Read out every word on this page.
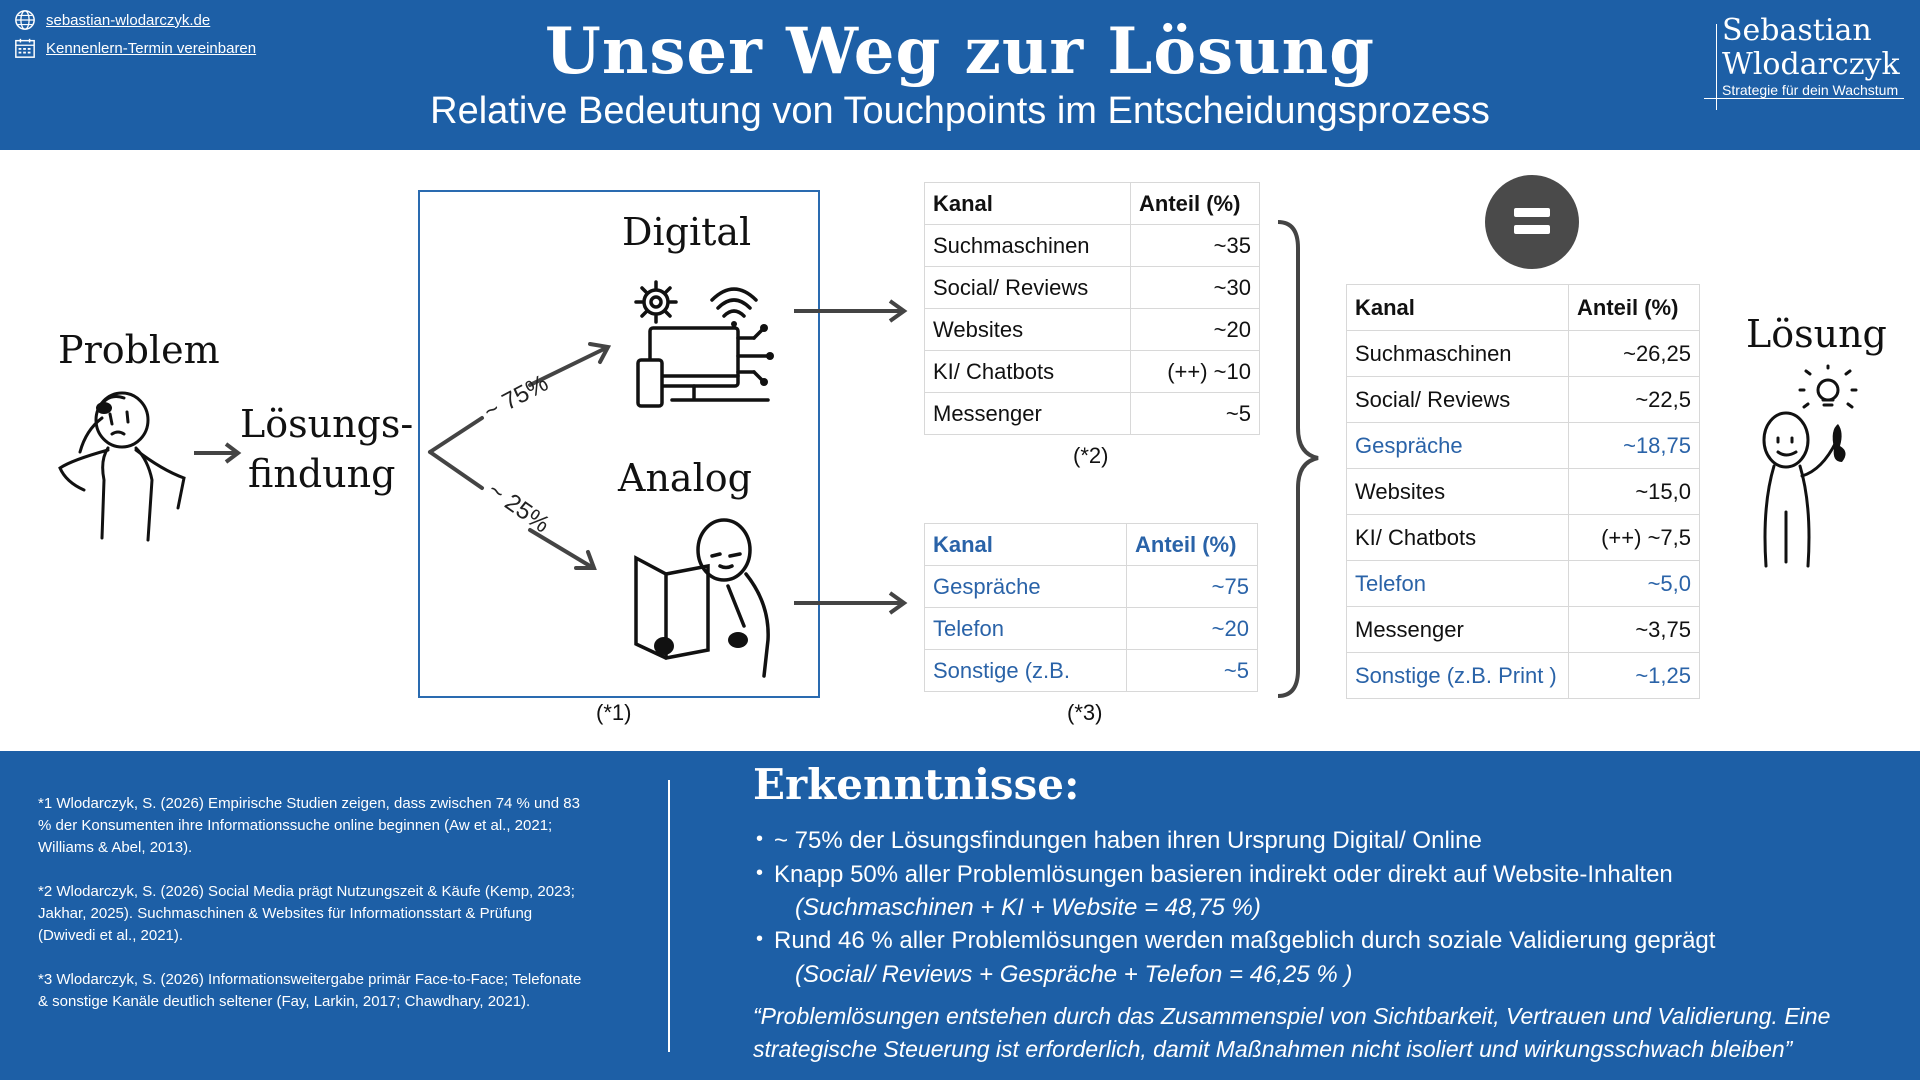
sebastian-wlodarczyk.de
Kennenlern-Termin vereinbaren	Unser Weg zur Lösung
Relative Bedeutung von Touchpoints im Entscheidungsprozess
Sebastian
Wlodarczyk
Strategie für dein Wachstum
Problem
Lösungs-
findung
~ 75%
~ 25%
Digital
Analog
(*1)
Kanal	Anteil (%)
Suchmaschinen	~35
Social/ Reviews	~30
Websites	~20
KI/ Chatbots	(++) ~10
Messenger	~5
(*2)
Kanal	Anteil (%)
Gespräche	~75
Telefon	~20
Sonstige (z.B.	~5
(*3)
Kanal	Anteil (%)
Suchmaschinen	~26,25
Social/ Reviews	~22,5
Gespräche	~18,75
Websites	~15,0
KI/ Chatbots	(++) ~7,5
Telefon	~5,0
Messenger	~3,75
Sonstige (z.B. Print )	~1,25
Lösung
*1 Wlodarczyk, S. (2026) Empirische Studien zeigen, dass zwischen 74 % und 83 % der Konsumenten ihre Informationssuche online beginnen (Aw et al., 2021; Williams & Abel, 2013).
*2 Wlodarczyk, S. (2026) Social Media prägt Nutzungszeit & Käufe (Kemp, 2023; Jakhar, 2025). Suchmaschinen & Websites für Informationsstart & Prüfung (Dwivedi et al., 2021).
*3 Wlodarczyk, S. (2026) Informationsweitergabe primär Face-to-Face; Telefonate & sonstige Kanäle deutlich seltener (Fay, Larkin, 2017; Chawdhary, 2021).
Erkenntnisse:
• ~ 75% der Lösungsfindungen haben ihren Ursprung Digital/ Online
• Knapp 50% aller Problemlösungen basieren indirekt oder direkt auf Website-Inhalten
(Suchmaschinen + KI + Website = 48,75 %)
• Rund 46 % aller Problemlösungen werden maßgeblich durch soziale Validierung geprägt
(Social/ Reviews + Gespräche + Telefon = 46,25 % )
“Problemlösungen entstehen durch das Zusammenspiel von Sichtbarkeit, Vertrauen und Validierung. Eine
strategische Steuerung ist erforderlich, damit Maßnahmen nicht isoliert und wirkungsschwach bleiben”
